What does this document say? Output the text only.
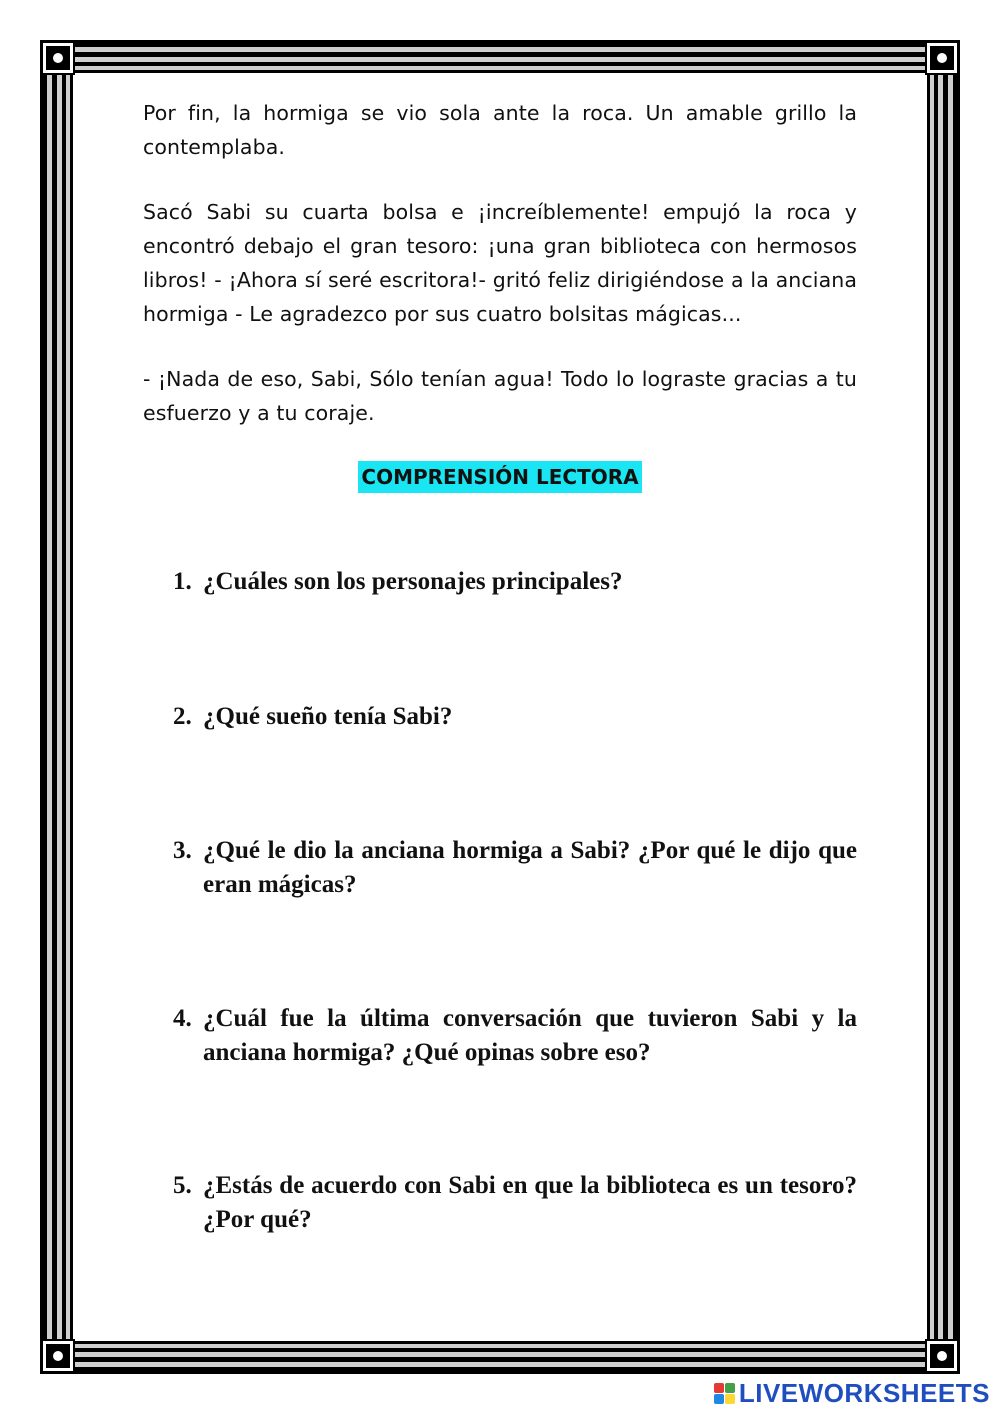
Por fin, la hormiga se vio sola ante la roca. Un amable grillo la contemplaba.

Sacó Sabi su cuarta bolsa e ¡increíblemente! empujó la roca y encontró debajo el gran tesoro: ¡una gran biblioteca con hermosos libros! - ¡Ahora sí seré escritora!- gritó feliz dirigiéndose a la anciana hormiga - Le agradezco por sus cuatro bolsitas mágicas...

- ¡Nada de eso, Sabi, Sólo tenían agua! Todo lo lograste gracias a tu esfuerzo y a tu coraje.

COMPRENSIÓN LECTORA
1. ¿Cuáles son los personajes principales?
2. ¿Qué sueño tenía Sabi?
3. ¿Qué le dio la anciana hormiga a Sabi? ¿Por qué le dijo que eran mágicas?
4. ¿Cuál fue la última conversación que tuvieron Sabi y la anciana hormiga? ¿Qué opinas sobre eso?
5. ¿Estás de acuerdo con Sabi en que la biblioteca es un tesoro? ¿Por qué?
LIVEWORKSHEETS
